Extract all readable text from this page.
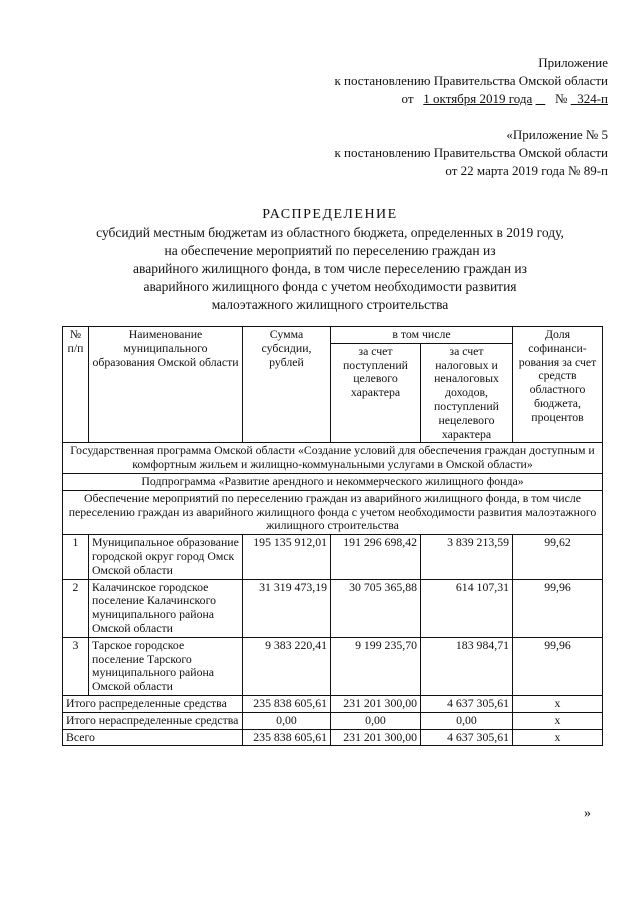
Приложение
к постановлению Правительства Омской области
от 1 октября 2019 года № 324-п
«Приложение № 5
к постановлению Правительства Омской области
от 22 марта 2019 года № 89-п
РАСПРЕДЕЛЕНИЕ
субсидий местным бюджетам из областного бюджета, определенных в 2019 году,
на обеспечение мероприятий по переселению граждан из
аварийного жилищного фонда, в том числе переселению граждан из
аварийного жилищного фонда с учетом необходимости развития
малоэтажного жилищного строительства
№ п/п	Наименование муниципального образования Омской области	Сумма субсидии, рублей	в том числе		Доля софинанси-рования за счет средств областного бюджета, процентов
			за счет поступлений целевого характера	за счет налоговых и неналоговых доходов, поступлений нецелевого характера	
Государственная программа Омской области «Создание условий для обеспечения граждан доступным и комфортным жильем и жилищно-коммунальными услугами в Омской области»					
Подпрограмма «Развитие арендного и некоммерческого жилищного фонда»					
Обеспечение мероприятий по переселению граждан из аварийного жилищного фонда, в том числе переселению граждан из аварийного жилищного фонда с учетом необходимости развития малоэтажного жилищного строительства					
1	Муниципальное образование городской округ город Омск Омской области	195 135 912,01	191 296 698,42	3 839 213,59	99,62
2	Калачинское городское поселение Калачинского муниципального района Омской области	31 319 473,19	30 705 365,88	614 107,31	99,96
3	Тарское городское поселение Тарского муниципального района Омской области	9 383 220,41	9 199 235,70	183 984,71	99,96
Итого распределенные средства		235 838 605,61	231 201 300,00	4 637 305,61	х
Итого нераспределенные средства		0,00	0,00	0,00	х
Всего		235 838 605,61	231 201 300,00	4 637 305,61	х
»
